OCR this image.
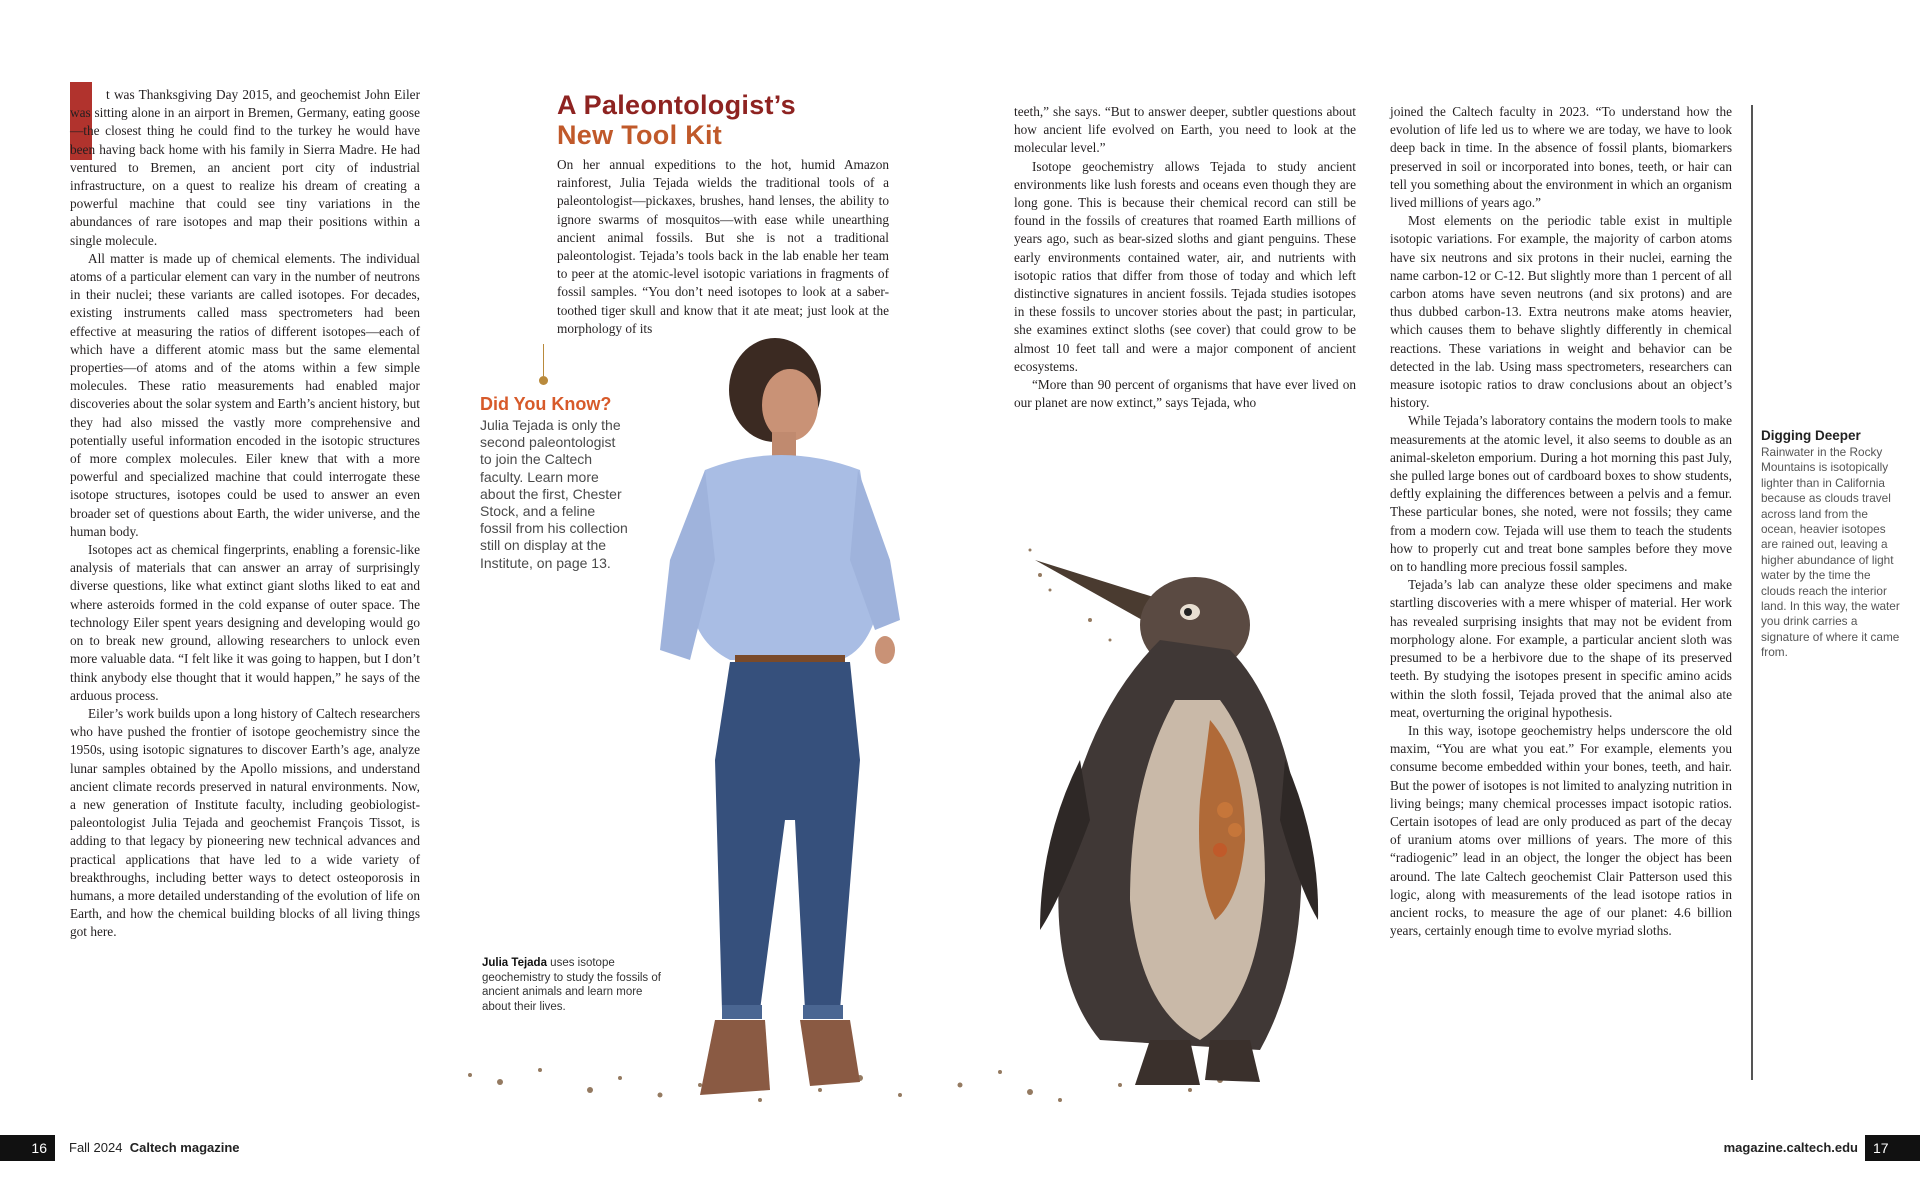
t was Thanksgiving Day 2015, and geochemist John Eiler was sitting alone in an airport in Bremen, Germany, eating goose—the closest thing he could find to the turkey he would have been having back home with his family in Sierra Madre. He had ventured to Bremen, an ancient port city of industrial infrastructure, on a quest to realize his dream of creating a powerful machine that could see tiny variations in the abundances of rare isotopes and map their positions within a single molecule.

All matter is made up of chemical elements. The individual atoms of a particular element can vary in the number of neutrons in their nuclei; these variants are called isotopes. For decades, existing instruments called mass spectrometers had been effective at measuring the ratios of different isotopes—each of which have a different atomic mass but the same elemental properties—of atoms and of the atoms within a few simple molecules. These ratio measurements had enabled major discoveries about the solar system and Earth’s ancient history, but they had also missed the vastly more comprehensive and potentially useful information encoded in the isotopic structures of more complex molecules. Eiler knew that with a more powerful and specialized machine that could interrogate these isotope structures, isotopes could be used to answer an even broader set of questions about Earth, the wider universe, and the human body.

Isotopes act as chemical fingerprints, enabling a forensic-like analysis of materials that can answer an array of surprisingly diverse questions, like what extinct giant sloths liked to eat and where asteroids formed in the cold expanse of outer space. The technology Eiler spent years designing and developing would go on to break new ground, allowing researchers to unlock even more valuable data. “I felt like it was going to happen, but I don’t think anybody else thought that it would happen,” he says of the arduous process.

Eiler’s work builds upon a long history of Caltech researchers who have pushed the frontier of isotope geochemistry since the 1950s, using isotopic signatures to discover Earth’s age, analyze lunar samples obtained by the Apollo missions, and understand ancient climate records preserved in natural environments. Now, a new generation of Institute faculty, including geobiologist-paleontologist Julia Tejada and geochemist François Tissot, is adding to that legacy by pioneering new technical advances and practical applications that have led to a wide variety of breakthroughs, including better ways to detect osteoporosis in humans, a more detailed understanding of the evolution of life on Earth, and how the chemical building blocks of all living things got here.

A Paleontologist’s
New Tool Kit

On her annual expeditions to the hot, humid Amazon rainforest, Julia Tejada wields the traditional tools of a paleontologist—pickaxes, brushes, hand lenses, the ability to ignore swarms of mosquitos—with ease while unearthing ancient animal fossils. But she is not a traditional paleontologist. Tejada’s tools back in the lab enable her team to peer at the atomic-level isotopic variations in fragments of fossil samples. “You don’t need isotopes to look at a saber-toothed tiger skull and know that it ate meat; just look at the morphology of its

Did You Know?
Julia Tejada is only the second paleontologist to join the Caltech faculty. Learn more about the first, Chester Stock, and a feline fossil from his collection still on display at the Institute, on page 13.
Julia Tejada uses isotope geochemistry to study the fossils of ancient animals and learn more about their lives.

teeth,” she says. “But to answer deeper, subtler questions about how ancient life evolved on Earth, you need to look at the molecular level.”

Isotope geochemistry allows Tejada to study ancient environments like lush forests and oceans even though they are long gone. This is because their chemical record can still be found in the fossils of creatures that roamed Earth millions of years ago, such as bear-sized sloths and giant penguins. These early environments contained water, air, and nutrients with isotopic ratios that differ from those of today and which left distinctive signatures in ancient fossils. Tejada studies isotopes in these fossils to uncover stories about the past; in particular, she examines extinct sloths (see cover) that could grow to be almost 10 feet tall and were a major component of ancient ecosystems.

“More than 90 percent of organisms that have ever lived on our planet are now extinct,” says Tejada, who

joined the Caltech faculty in 2023. “To understand how the evolution of life led us to where we are today, we have to look deep back in time. In the absence of fossil plants, biomarkers preserved in soil or incorporated into bones, teeth, or hair can tell you something about the environment in which an organism lived millions of years ago.”

Most elements on the periodic table exist in multiple isotopic variations. For example, the majority of carbon atoms have six neutrons and six protons in their nuclei, earning the name carbon-12 or C-12. But slightly more than 1 percent of all carbon atoms have seven neutrons (and six protons) and are thus dubbed carbon-13. Extra neutrons make atoms heavier, which causes them to behave slightly differently in chemical reactions. These variations in weight and behavior can be detected in the lab. Using mass spectrometers, researchers can measure isotopic ratios to draw conclusions about an object’s history.

While Tejada’s laboratory contains the modern tools to make measurements at the atomic level, it also seems to double as an animal-skeleton emporium. During a hot morning this past July, she pulled large bones out of cardboard boxes to show students, deftly explaining the differences between a pelvis and a femur. These particular bones, she noted, were not fossils; they came from a modern cow. Tejada will use them to teach the students how to properly cut and treat bone samples before they move on to handling more precious fossil samples.

Tejada’s lab can analyze these older specimens and make startling discoveries with a mere whisper of material. Her work has revealed surprising insights that may not be evident from morphology alone. For example, a particular ancient sloth was presumed to be a herbivore due to the shape of its preserved teeth. By studying the isotopes present in specific amino acids within the sloth fossil, Tejada proved that the animal also ate meat, overturning the original hypothesis.

In this way, isotope geochemistry helps underscore the old maxim, “You are what you eat.” For example, elements you consume become embedded within your bones, teeth, and hair. But the power of isotopes is not limited to analyzing nutrition in living beings; many chemical processes impact isotopic ratios. Certain isotopes of lead are only produced as part of the decay of uranium atoms over millions of years. The more of this “radiogenic” lead in an object, the longer the object has been around. The late Caltech geochemist Clair Patterson used this logic, along with measurements of the lead isotope ratios in ancient rocks, to measure the age of our planet: 4.6 billion years, certainly enough time to evolve myriad sloths.

Digging Deeper
Rainwater in the Rocky Mountains is isotopically lighter than in California because as clouds travel across land from the ocean, heavier isotopes are rained out, leaving a higher abundance of light water by the time the clouds reach the interior land. In this way, the water you drink carries a signature of where it came from.
16	Fall 2024 Caltech magazine	magazine.caltech.edu	17
